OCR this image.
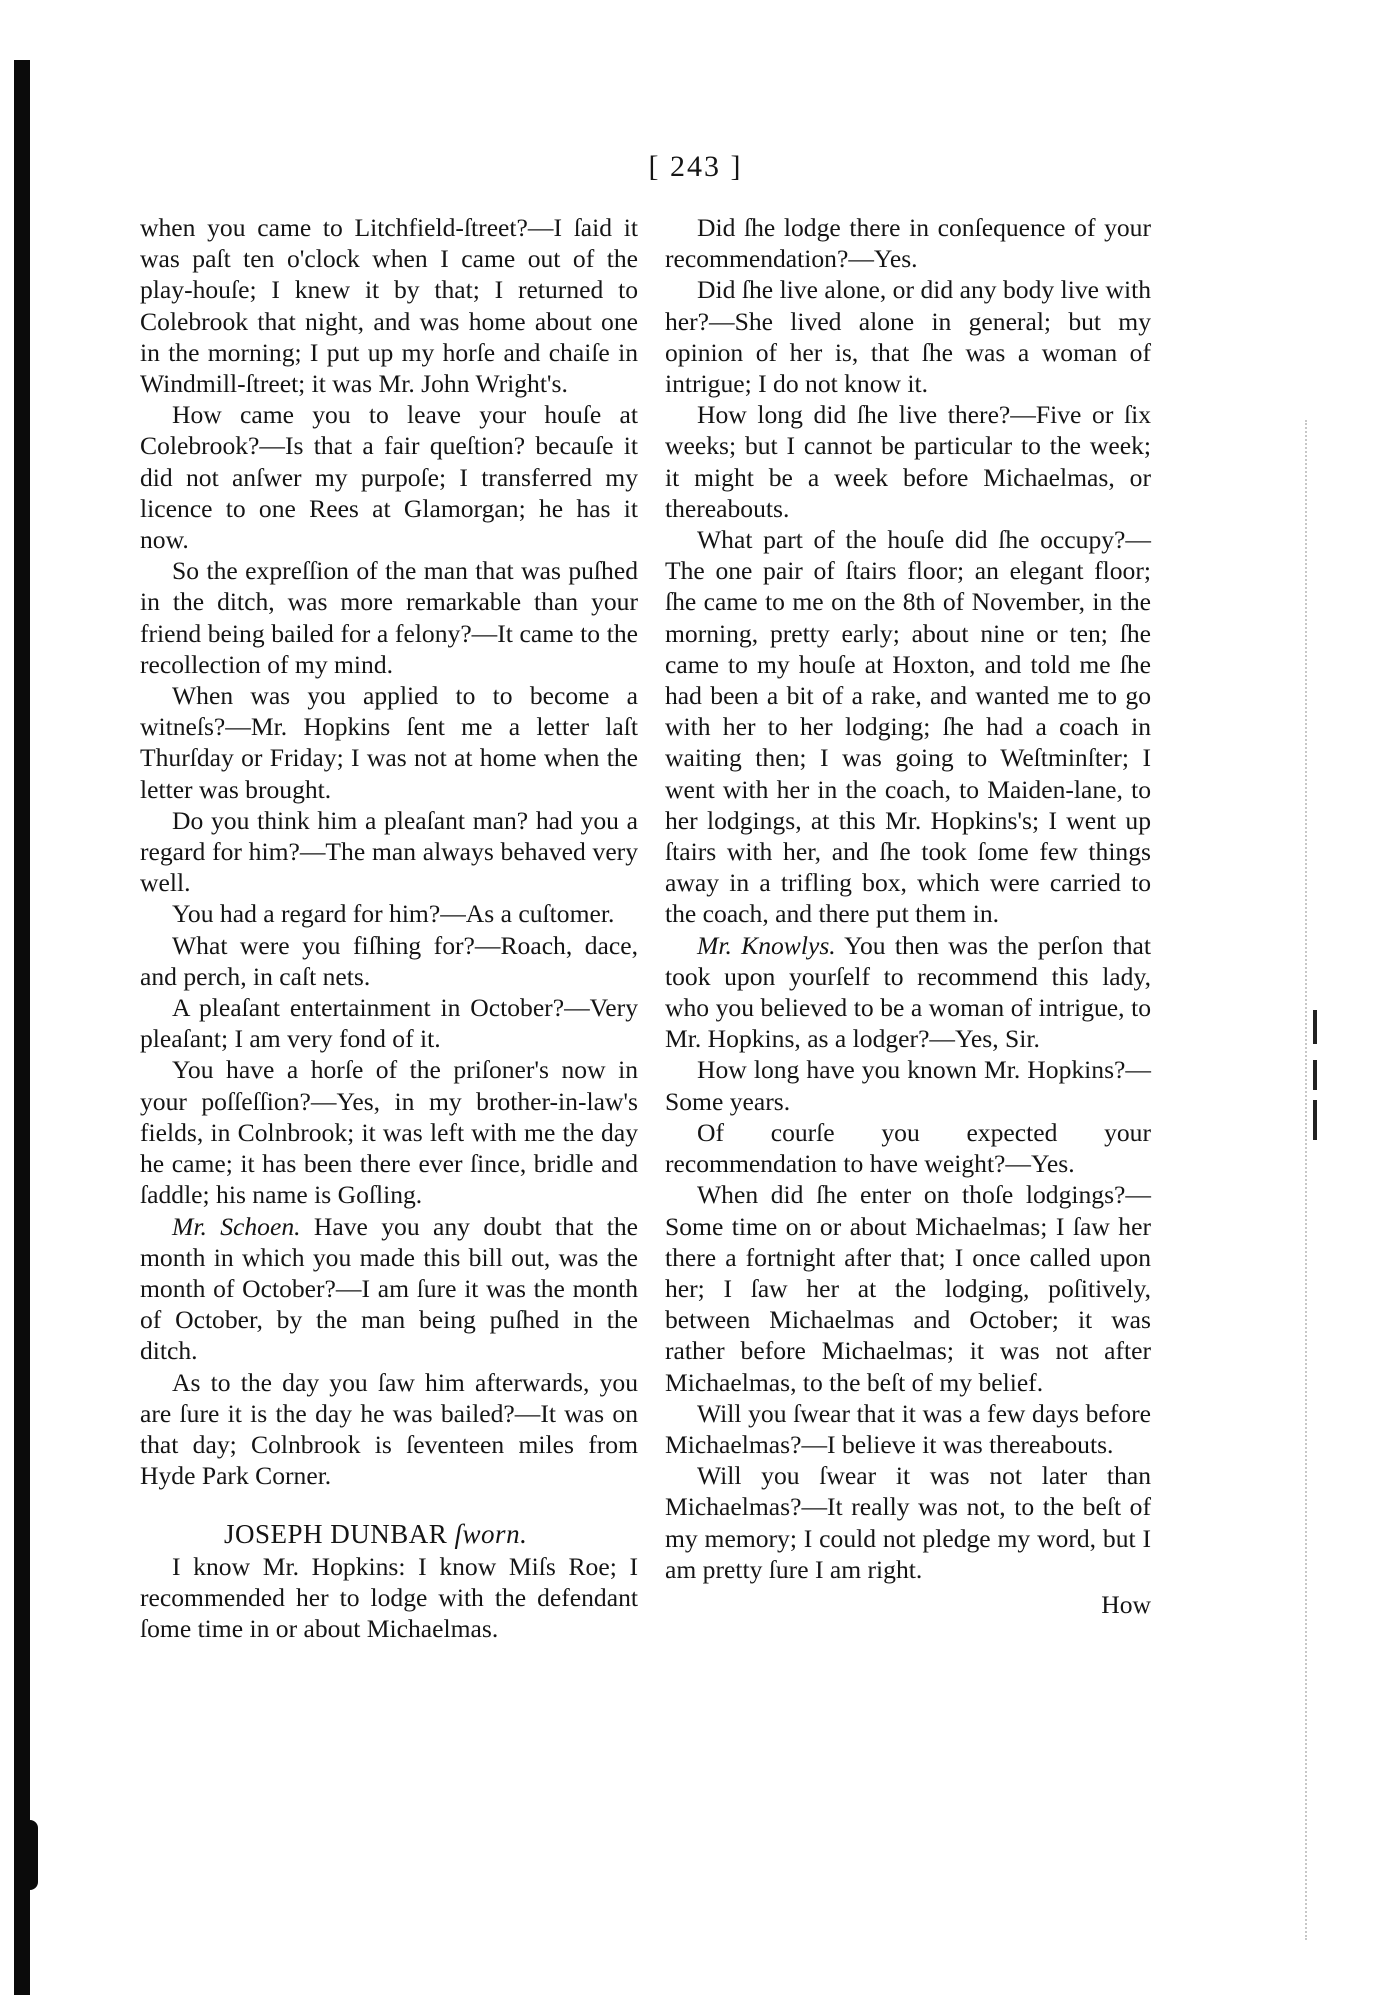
[ 243 ]

when you came to Litchfield-ſtreet?—I ſaid it was paſt ten o'clock when I came out of the play-houſe; I knew it by that; I returned to Colebrook that night, and was home about one in the morning; I put up my horſe and chaiſe in Windmill-ſtreet; it was Mr. John Wright's.

How came you to leave your houſe at Colebrook?—Is that a fair queſtion? becauſe it did not anſwer my purpoſe; I transferred my licence to one Rees at Glamorgan; he has it now.

So the expreſſion of the man that was puſhed in the ditch, was more remarkable than your friend being bailed for a felony?—It came to the recollection of my mind.

When was you applied to to become a witneſs?—Mr. Hopkins ſent me a letter laſt Thurſday or Friday; I was not at home when the letter was brought.

Do you think him a pleaſant man? had you a regard for him?—The man always behaved very well.

You had a regard for him?—As a cuſtomer.

What were you fiſhing for?—Roach, dace, and perch, in caſt nets.

A pleaſant entertainment in October?—Very pleaſant; I am very fond of it.

You have a horſe of the priſoner's now in your poſſeſſion?—Yes, in my brother-in-law's fields, in Colnbrook; it was left with me the day he came; it has been there ever ſince, bridle and ſaddle; his name is Goſling.

Mr. Schoen. Have you any doubt that the month in which you made this bill out, was the month of October?—I am ſure it was the month of October, by the man being puſhed in the ditch.

As to the day you ſaw him afterwards, you are ſure it is the day he was bailed?—It was on that day; Colnbrook is ſeventeen miles from Hyde Park Corner.

JOSEPH DUNBAR ſworn.

I know Mr. Hopkins: I know Miſs Roe; I recommended her to lodge with the defendant ſome time in or about Michaelmas.

Did ſhe lodge there in conſequence of your recommendation?—Yes.

Did ſhe live alone, or did any body live with her?—She lived alone in general; but my opinion of her is, that ſhe was a woman of intrigue; I do not know it.

How long did ſhe live there?—Five or ſix weeks; but I cannot be particular to the week; it might be a week before Michaelmas, or thereabouts.

What part of the houſe did ſhe occupy?—The one pair of ſtairs floor; an elegant floor; ſhe came to me on the 8th of November, in the morning, pretty early; about nine or ten; ſhe came to my houſe at Hoxton, and told me ſhe had been a bit of a rake, and wanted me to go with her to her lodging; ſhe had a coach in waiting then; I was going to Weſtminſter; I went with her in the coach, to Maiden-lane, to her lodgings, at this Mr. Hopkins's; I went up ſtairs with her, and ſhe took ſome few things away in a trifling box, which were carried to the coach, and there put them in.

Mr. Knowlys. You then was the perſon that took upon yourſelf to recommend this lady, who you believed to be a woman of intrigue, to Mr. Hopkins, as a lodger?—Yes, Sir.

How long have you known Mr. Hopkins?—Some years.

Of courſe you expected your recommendation to have weight?—Yes.

When did ſhe enter on thoſe lodgings?—Some time on or about Michaelmas; I ſaw her there a fortnight after that; I once called upon her; I ſaw her at the lodging, poſitively, between Michaelmas and October; it was rather before Michaelmas; it was not after Michaelmas, to the beſt of my belief.

Will you ſwear that it was a few days before Michaelmas?—I believe it was thereabouts.

Will you ſwear it was not later than Michaelmas?—It really was not, to the beſt of my memory; I could not pledge my word, but I am pretty ſure I am right.

How
